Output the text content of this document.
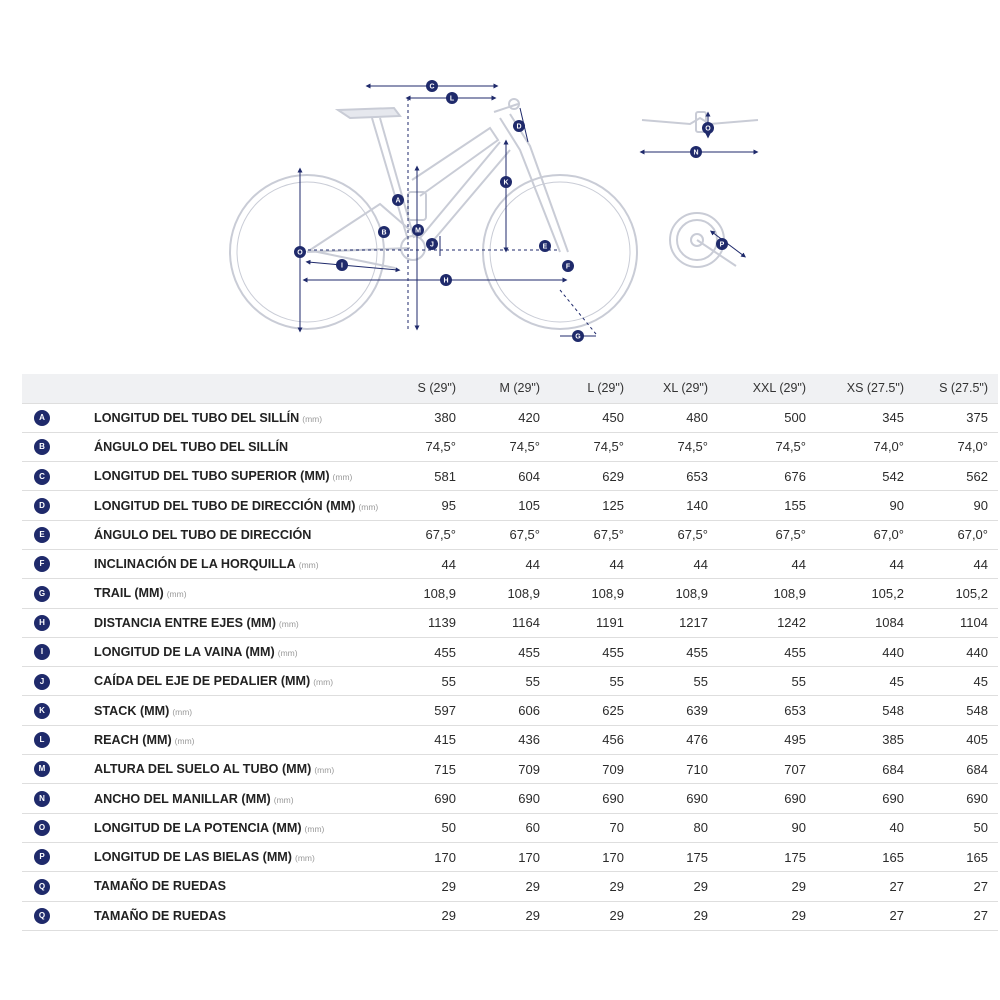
C
L
D
K
A
B	M
J
O
I
H
E
F
G
O
N
P
		S (29")	M (29")	L (29")	XL (29")	XXL (29")	XS (27.5")	S (27.5")
A	LONGITUD DEL TUBO DEL SILLÍN (mm)	380	420	450	480	500	345	375
B	ÁNGULO DEL TUBO DEL SILLÍN	74,5°	74,5°	74,5°	74,5°	74,5°	74,0°	74,0°
C	LONGITUD DEL TUBO SUPERIOR (MM) (mm)	581	604	629	653	676	542	562
D	LONGITUD DEL TUBO DE DIRECCIÓN (MM) (mm)	95	105	125	140	155	90	90
E	ÁNGULO DEL TUBO DE DIRECCIÓN	67,5°	67,5°	67,5°	67,5°	67,5°	67,0°	67,0°
F	INCLINACIÓN DE LA HORQUILLA (mm)	44	44	44	44	44	44	44
G	TRAIL (MM) (mm)	108,9	108,9	108,9	108,9	108,9	105,2	105,2
H	DISTANCIA ENTRE EJES (MM) (mm)	1139	1164	1191	1217	1242	1084	1104
I	LONGITUD DE LA VAINA (MM) (mm)	455	455	455	455	455	440	440
J	CAÍDA DEL EJE DE PEDALIER (MM) (mm)	55	55	55	55	55	45	45
K	STACK (MM) (mm)	597	606	625	639	653	548	548
L	REACH (MM) (mm)	415	436	456	476	495	385	405
M	ALTURA DEL SUELO AL TUBO (MM) (mm)	715	709	709	710	707	684	684
N	ANCHO DEL MANILLAR (MM) (mm)	690	690	690	690	690	690	690
O	LONGITUD DE LA POTENCIA (MM) (mm)	50	60	70	80	90	40	50
P	LONGITUD DE LAS BIELAS (MM) (mm)	170	170	170	175	175	165	165
Q	TAMAÑO DE RUEDAS	29	29	29	29	29	27	27
Q	TAMAÑO DE RUEDAS	29	29	29	29	29	27	27
